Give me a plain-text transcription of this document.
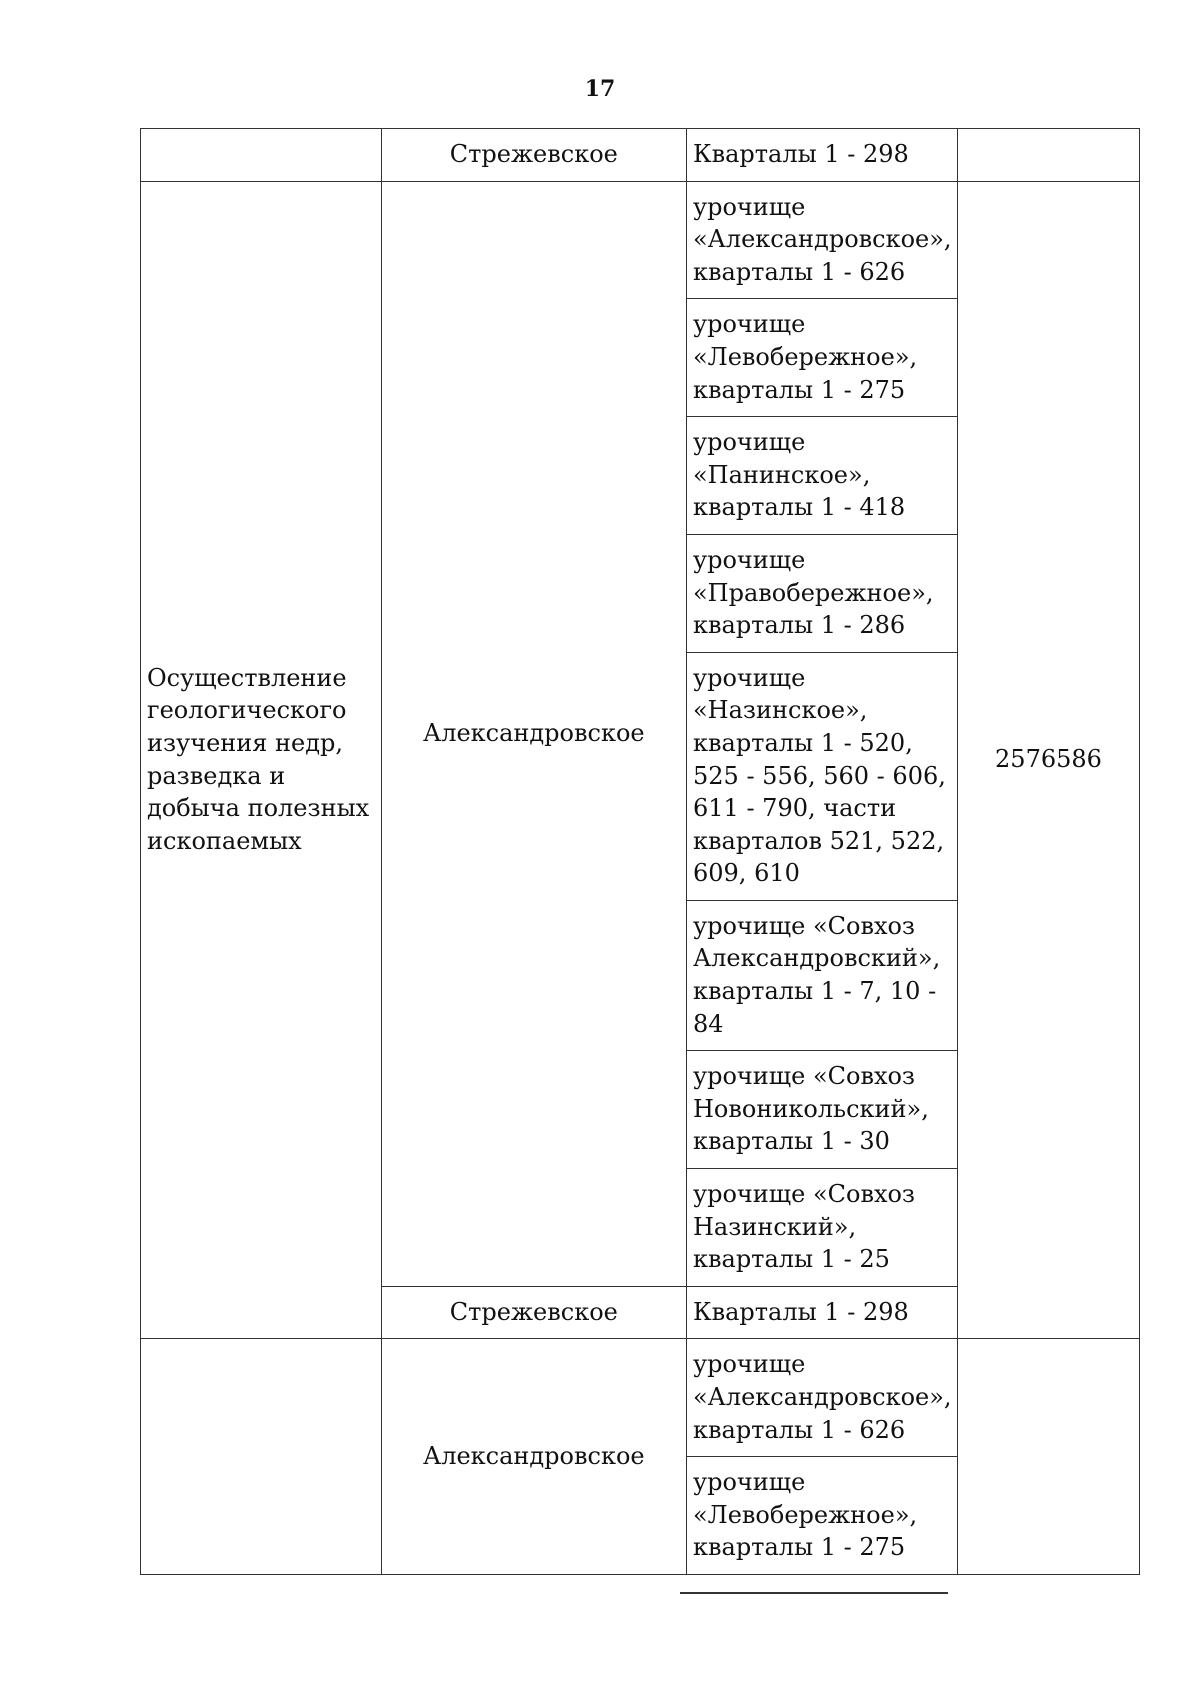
17
	Стрежевское	Кварталы 1 - 298	
Осуществление геологического изучения недр, разведка и добыча полезных ископаемых	Александровское	урочище «Александровское», кварталы 1 - 626	2576586
		урочище «Левобережное», кварталы 1 - 275	
		урочище «Панинское», кварталы 1 - 418	
		урочище «Правобережное», кварталы 1 - 286	
		урочище «Назинское», кварталы 1 - 520, 525 - 556, 560 - 606, 611 - 790, части кварталов 521, 522, 609, 610	
		урочище «Совхоз Александровский», кварталы 1 - 7, 10 - 84	
		урочище «Совхоз Новоникольский», кварталы 1 - 30	
		урочище «Совхоз Назинский», кварталы 1 - 25	
	Стрежевское	Кварталы 1 - 298	
	Александровское	урочище «Александровское», кварталы 1 - 626	
		урочище «Левобережное», кварталы 1 - 275	
